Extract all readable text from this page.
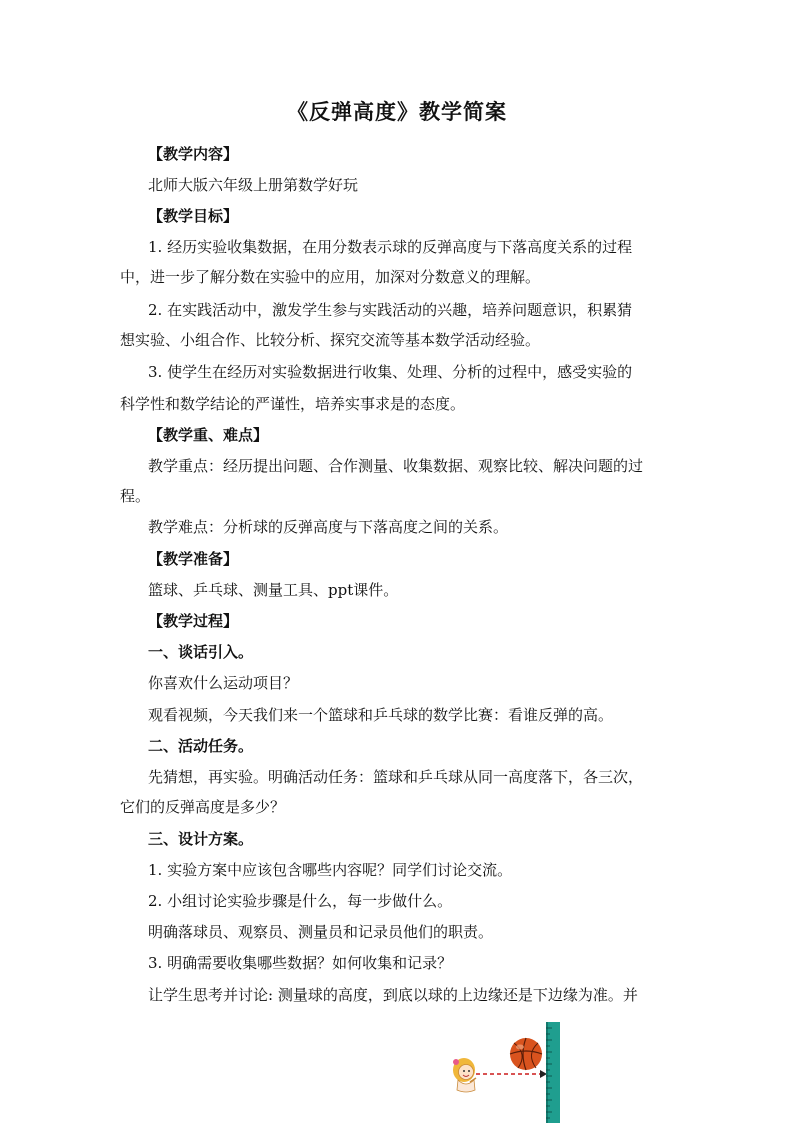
《反弹高度》教学简案
【教学内容】
北师大版六年级上册第数学好玩
【教学目标】
1. 经历实验收集数据，在用分数表示球的反弹高度与下落高度关系的过程
中，进一步了解分数在实验中的应用，加深对分数意义的理解。
2. 在实践活动中，激发学生参与实践活动的兴趣，培养问题意识，积累猜
想实验、小组合作、比较分析、探究交流等基本数学活动经验。
3. 使学生在经历对实验数据进行收集、处理、分析的过程中，感受实验的
科学性和数学结论的严谨性，培养实事求是的态度。
【教学重、难点】
教学重点：经历提出问题、合作测量、收集数据、观察比较、解决问题的过
程。
教学难点：分析球的反弹高度与下落高度之间的关系。
【教学准备】
篮球、乒乓球、测量工具、ppt课件。
【教学过程】
一、谈话引入。
你喜欢什么运动项目？
观看视频，今天我们来一个篮球和乒乓球的数学比赛：看谁反弹的高。
二、活动任务。
先猜想，再实验。明确活动任务：篮球和乒乓球从同一高度落下，各三次，
它们的反弹高度是多少？
三、设计方案。
1. 实验方案中应该包含哪些内容呢？同学们讨论交流。
2. 小组讨论实验步骤是什么，每一步做什么。
明确落球员、观察员、测量员和记录员他们的职责。
3. 明确需要收集哪些数据？如何收集和记录？
让学生思考并讨论: 测量球的高度，到底以球的上边缘还是下边缘为准。并
